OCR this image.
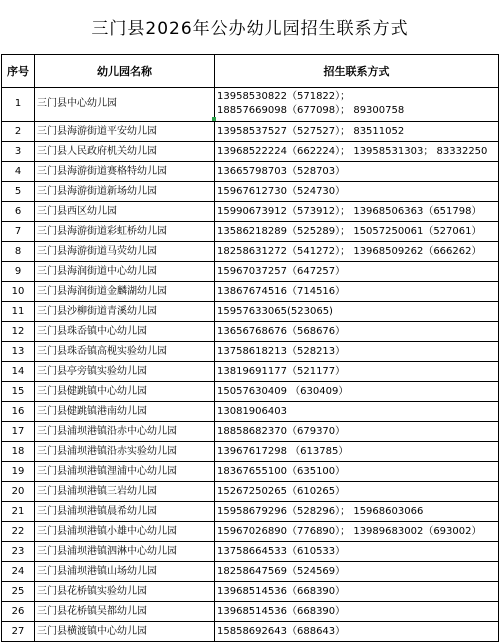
三门县2026年公办幼儿园招生联系方式		
序号	幼儿园名称	招生联系方式
1	三门县中心幼儿园	13958530822（571822）；
18857669098（677098）； 89300758

2	三门县海游街道平安幼儿园	13958537527（527527）； 83511052

3	三门县人民政府机关幼儿园	13968522224（662224）； 13958531303； 83332250

4	三门县海游街道赛格特幼儿园	13665798703（528703）

5	三门县海游街道新场幼儿园	15967612730（524730）

6	三门县西区幼儿园	15990673912（573912）； 13968506363（651798）

7	三门县海游街道彩虹桥幼儿园	13586218289（525289）； 15057250061（527061）

8	三门县海游街道马荧幼儿园	18258631272（541272）； 13968509262（666262）

9	三门县海润街道中心幼儿园	15967037257（647257）

10	三门县海润街道金麟湖幼儿园	13867674516（714516）

11	三门县沙柳街道青溪幼儿园	15957633065(523065)

12	三门县珠岙镇中心幼儿园	13656768676（568676）

13	三门县珠岙镇高枧实验幼儿园	13758618213（528213）

14	三门县亭旁镇实验幼儿园	13819691177（521177）

15	三门县健跳镇中心幼儿园	15057630409 （630409）

16	三门县健跳镇港南幼儿园	13081906403

17	三门县浦坝港镇沿赤中心幼儿园	18858682370（679370）

18	三门县浦坝港镇沿赤实验幼儿园	13967617298 （613785）

19	三门县浦坝港镇浬浦中心幼儿园	18367655100（635100）

20	三门县浦坝港镇三岩幼儿园	15267250265（610265）

21	三门县浦坝港镇晨希幼儿园	15958679296（528296）； 15968603066

22	三门县浦坝港镇小雄中心幼儿园	15967026890（776890）； 13989683002（693002）

23	三门县浦坝港镇泗淋中心幼儿园	13758664533（610533）

24	三门县浦坝港镇山场幼儿园	18258647569（524569）

25	三门县花桥镇实验幼儿园	13968514536（668390）

26	三门县花桥镇吴都幼儿园	13968514536（668390）

27	三门县横渡镇中心幼儿园	15858692643（688643）
